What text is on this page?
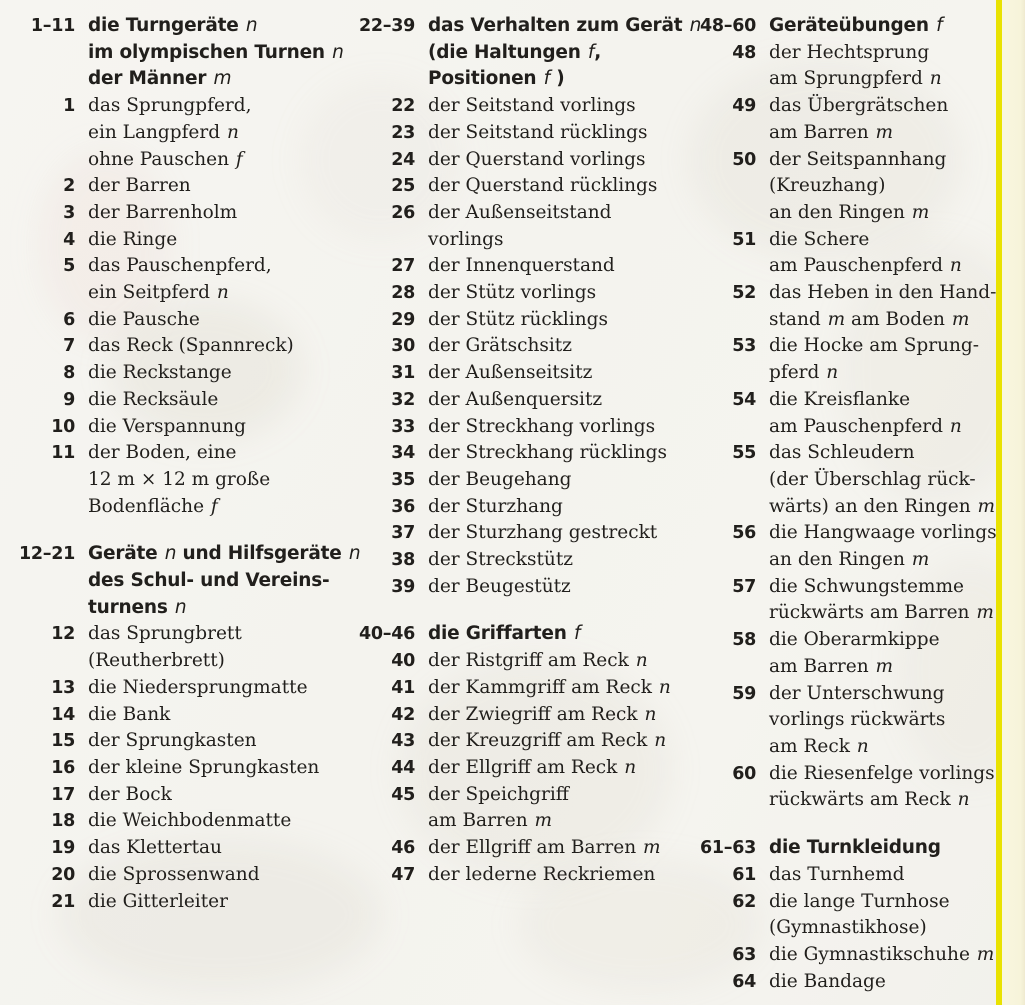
1–11 die Turngeräte n
im olympischen Turnen n
der Männer m
1 das Sprungpferd,
ein Langpferd n
ohne Pauschen f
2 der Barren
3 der Barrenholm
4 die Ringe
5 das Pauschenpferd,
ein Seitpferd n
6 die Pausche
7 das Reck (Spannreck)
8 die Reckstange
9 die Recksäule
10 die Verspannung
11 der Boden, eine
12 m × 12 m große
Bodenfläche f
12–21 Geräte n und Hilfsgeräte n
des Schul- und Vereins-
turnens n
12 das Sprungbrett
(Reutherbrett)
13 die Niedersprungmatte
14 die Bank
15 der Sprungkasten
16 der kleine Sprungkasten
17 der Bock
18 die Weichbodenmatte
19 das Klettertau
20 die Sprossenwand
21 die Gitterleiter
22–39 das Verhalten zum Gerät n
(die Haltungen f,
Positionen f )
22 der Seitstand vorlings
23 der Seitstand rücklings
24 der Querstand vorlings
25 der Querstand rücklings
26 der Außenseitstand
vorlings
27 der Innenquerstand
28 der Stütz vorlings
29 der Stütz rücklings
30 der Grätschsitz
31 der Außenseitsitz
32 der Außenquersitz
33 der Streckhang vorlings
34 der Streckhang rücklings
35 der Beugehang
36 der Sturzhang
37 der Sturzhang gestreckt
38 der Streckstütz
39 der Beugestütz
40–46 die Griffarten f
40 der Ristgriff am Reck n
41 der Kammgriff am Reck n
42 der Zwiegriff am Reck n
43 der Kreuzgriff am Reck n
44 der Ellgriff am Reck n
45 der Speichgriff
am Barren m
46 der Ellgriff am Barren m
47 der lederne Reckriemen
48–60 Geräteübungen f
48 der Hechtsprung
am Sprungpferd n
49 das Übergrätschen
am Barren m
50 der Seitspannhang
(Kreuzhang)
an den Ringen m
51 die Schere
am Pauschenpferd n
52 das Heben in den Hand-
stand m am Boden m
53 die Hocke am Sprung-
pferd n
54 die Kreisflanke
am Pauschenpferd n
55 das Schleudern
(der Überschlag rück-
wärts) an den Ringen m
56 die Hangwaage vorlings
an den Ringen m
57 die Schwungstemme
rückwärts am Barren m
58 die Oberarmkippe
am Barren m
59 der Unterschwung
vorlings rückwärts
am Reck n
60 die Riesenfelge vorlings
rückwärts am Reck n
61–63 die Turnkleidung
61 das Turnhemd
62 die lange Turnhose
(Gymnastikhose)
63 die Gymnastikschuhe m
64 die Bandage
